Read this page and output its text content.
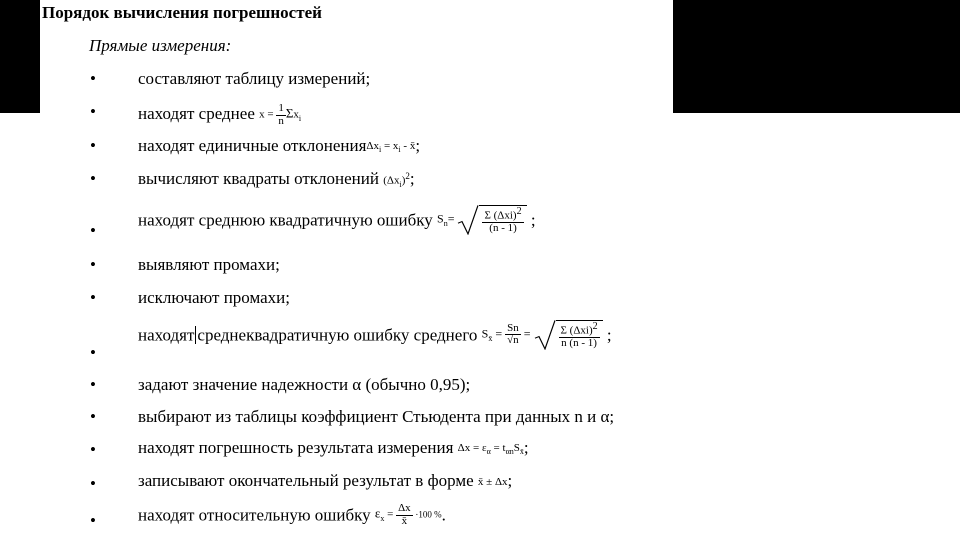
Порядок вычисления погрешностей
Прямые измерения:
• составляют таблицу измерений;
• находят среднее $x = \frac{1}{n} \Sigma x_i$
• находят единичные отклоненияΔx$_i$ = $x_i$ - x̄;
• вычисляют квадраты отклонений $(\Delta x_i)^2$;
•
находят среднюю квадратичную ошибку $S_n=$	$\frac{\Sigma (\Delta xi)^2}{(n - 1)}$ ;
• выявляют промахи;
• исключают промахи;
•
находят среднеквадратичную ошибку среднего $S_{x̄} = \frac{Sn}{√n}$ =	$\frac{\Sigma (\Delta xi)^2}{n (n - 1)}$ ;
• задают значение надежности α (обычно 0,95);
• выбирают из таблицы коэффициент Стьюдента при данных n и α;
• находят погрешность результата измерения $\Delta x = \varepsilon_\alpha = t_{\alpha n}S_{x̄}$;
• записывают окончательный результат в форме x̄ ± Δx;
• находят относительную ошибку $\varepsilon_x = \frac{\Delta x}{x̄} \cdot 100$ %.
